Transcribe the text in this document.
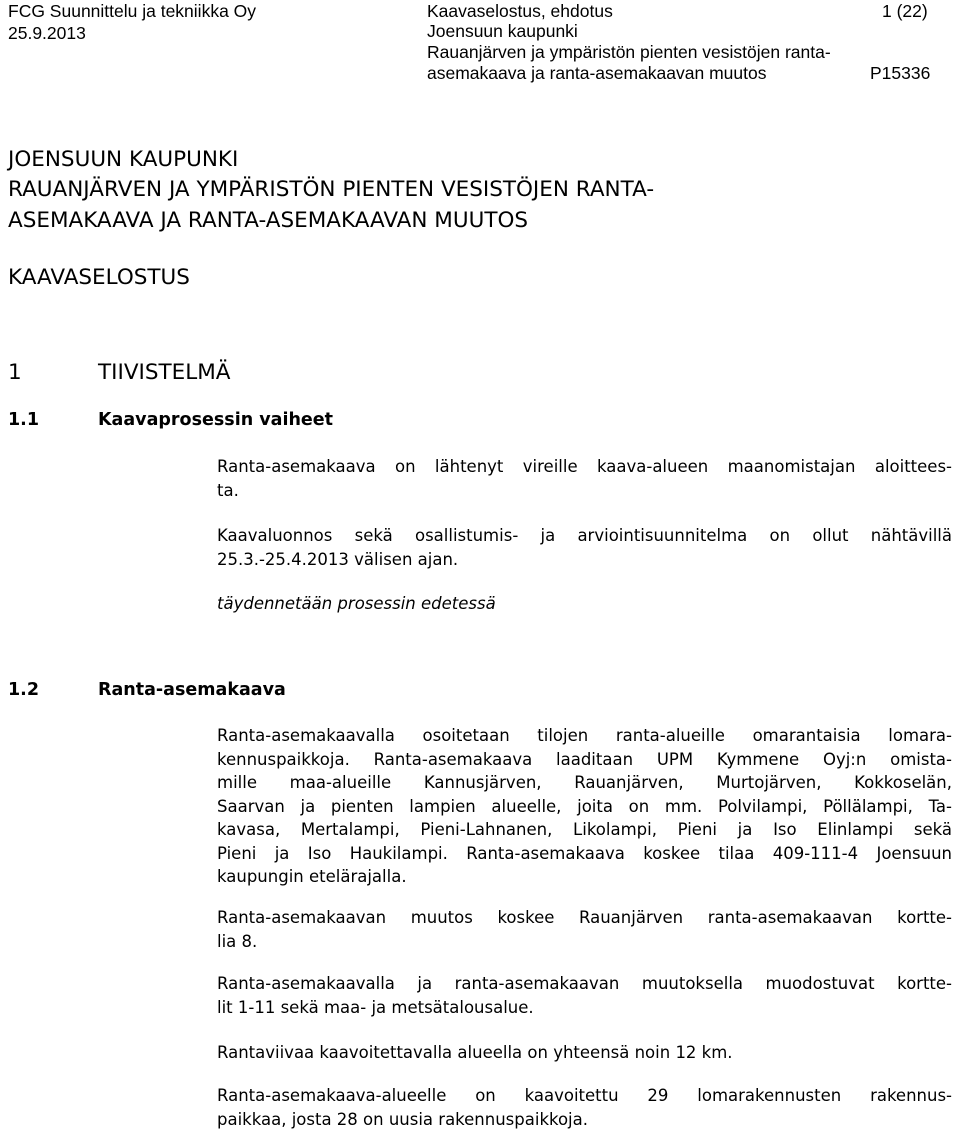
FCG Suunnittelu ja tekniikka Oy
25.9.2013
Kaavaselostus, ehdotus
Joensuun kaupunki
Rauanjärven ja ympäristön pienten vesistöjen ranta-
asemakaava ja ranta-asemakaavan muutos
1 (22)
P15336
JOENSUUN KAUPUNKI
RAUANJÄRVEN JA YMPÄRISTÖN PIENTEN VESISTÖJEN RANTA-
ASEMAKAAVA JA RANTA-ASEMAKAAVAN MUUTOS
KAAVASELOSTUS
1	TIIVISTELMÄ
1.1	Kaavaprosessin vaiheet
Ranta-asemakaava on lähtenyt vireille kaava-alueen maanomistajan aloittees-
ta.
Kaavaluonnos sekä osallistumis- ja arviointisuunnitelma on ollut nähtävillä
25.3.-25.4.2013 välisen ajan.
täydennetään prosessin edetessä
1.2	Ranta-asemakaava
Ranta-asemakaavalla osoitetaan tilojen ranta-alueille omarantaisia lomara-
kennuspaikkoja. Ranta-asemakaava laaditaan UPM Kymmene Oyj:n omista-
mille maa-alueille Kannusjärven, Rauanjärven, Murtojärven, Kokkoselän,
Saarvan ja pienten lampien alueelle, joita on mm. Polvilampi, Pöllälampi, Ta-
kavasa, Mertalampi, Pieni-Lahnanen, Likolampi, Pieni ja Iso Elinlampi sekä
Pieni ja Iso Haukilampi. Ranta-asemakaava koskee tilaa 409-111-4 Joensuun
kaupungin etelärajalla.
Ranta-asemakaavan muutos koskee Rauanjärven ranta-asemakaavan kortte-
lia 8.
Ranta-asemakaavalla ja ranta-asemakaavan muutoksella muodostuvat kortte-
lit 1-11 sekä maa- ja metsätalousalue.
Rantaviivaa kaavoitettavalla alueella on yhteensä noin 12 km.
Ranta-asemakaava-alueelle on kaavoitettu 29 lomarakennusten rakennus-
paikkaa, josta 28 on uusia rakennuspaikkoja.
